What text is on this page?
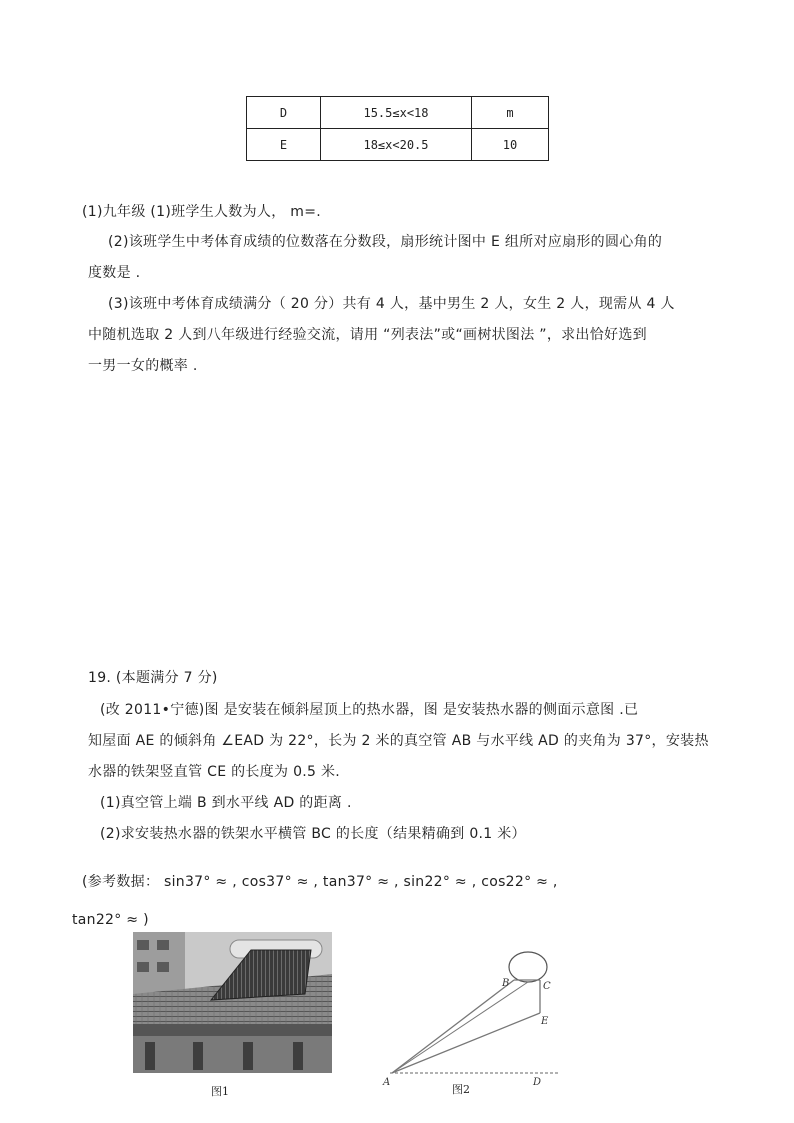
D	15.5≤x<18	m
E	18≤x<20.5	10
(1)九年级 (1)班学生人数为人， m=.
(2)该班学生中考体育成绩的位数落在分数段，扇形统计图中 E 组所对应扇形的圆心角的
度数是 .
(3)该班中考体育成绩满分（ 20 分）共有 4 人，基中男生 2 人，女生 2 人，现需从 4 人
中随机选取 2 人到八年级进行经验交流，请用 “列表法”或“画树状图法 ”，求出恰好选到
一男一女的概率 .
19. (本题满分 7 分)
(改 2011•宁德)图 是安装在倾斜屋顶上的热水器，图 是安装热水器的侧面示意图 .已
知屋面 AE 的倾斜角 ∠EAD 为 22°，长为 2 米的真空管 AB 与水平线 AD 的夹角为 37°，安装热
水器的铁架竖直管 CE 的长度为 0.5 米.
(1)真空管上端 B 到水平线 AD 的距离 .
(2)求安装热水器的铁架水平横管 BC 的长度（结果精确到 0.1 米）
(参考数据： sin37° ≈ , cos37° ≈ , tan37° ≈ , sin22° ≈ , cos22° ≈ ,
tan22° ≈ )
图1
B	C
E
A	D
图2
